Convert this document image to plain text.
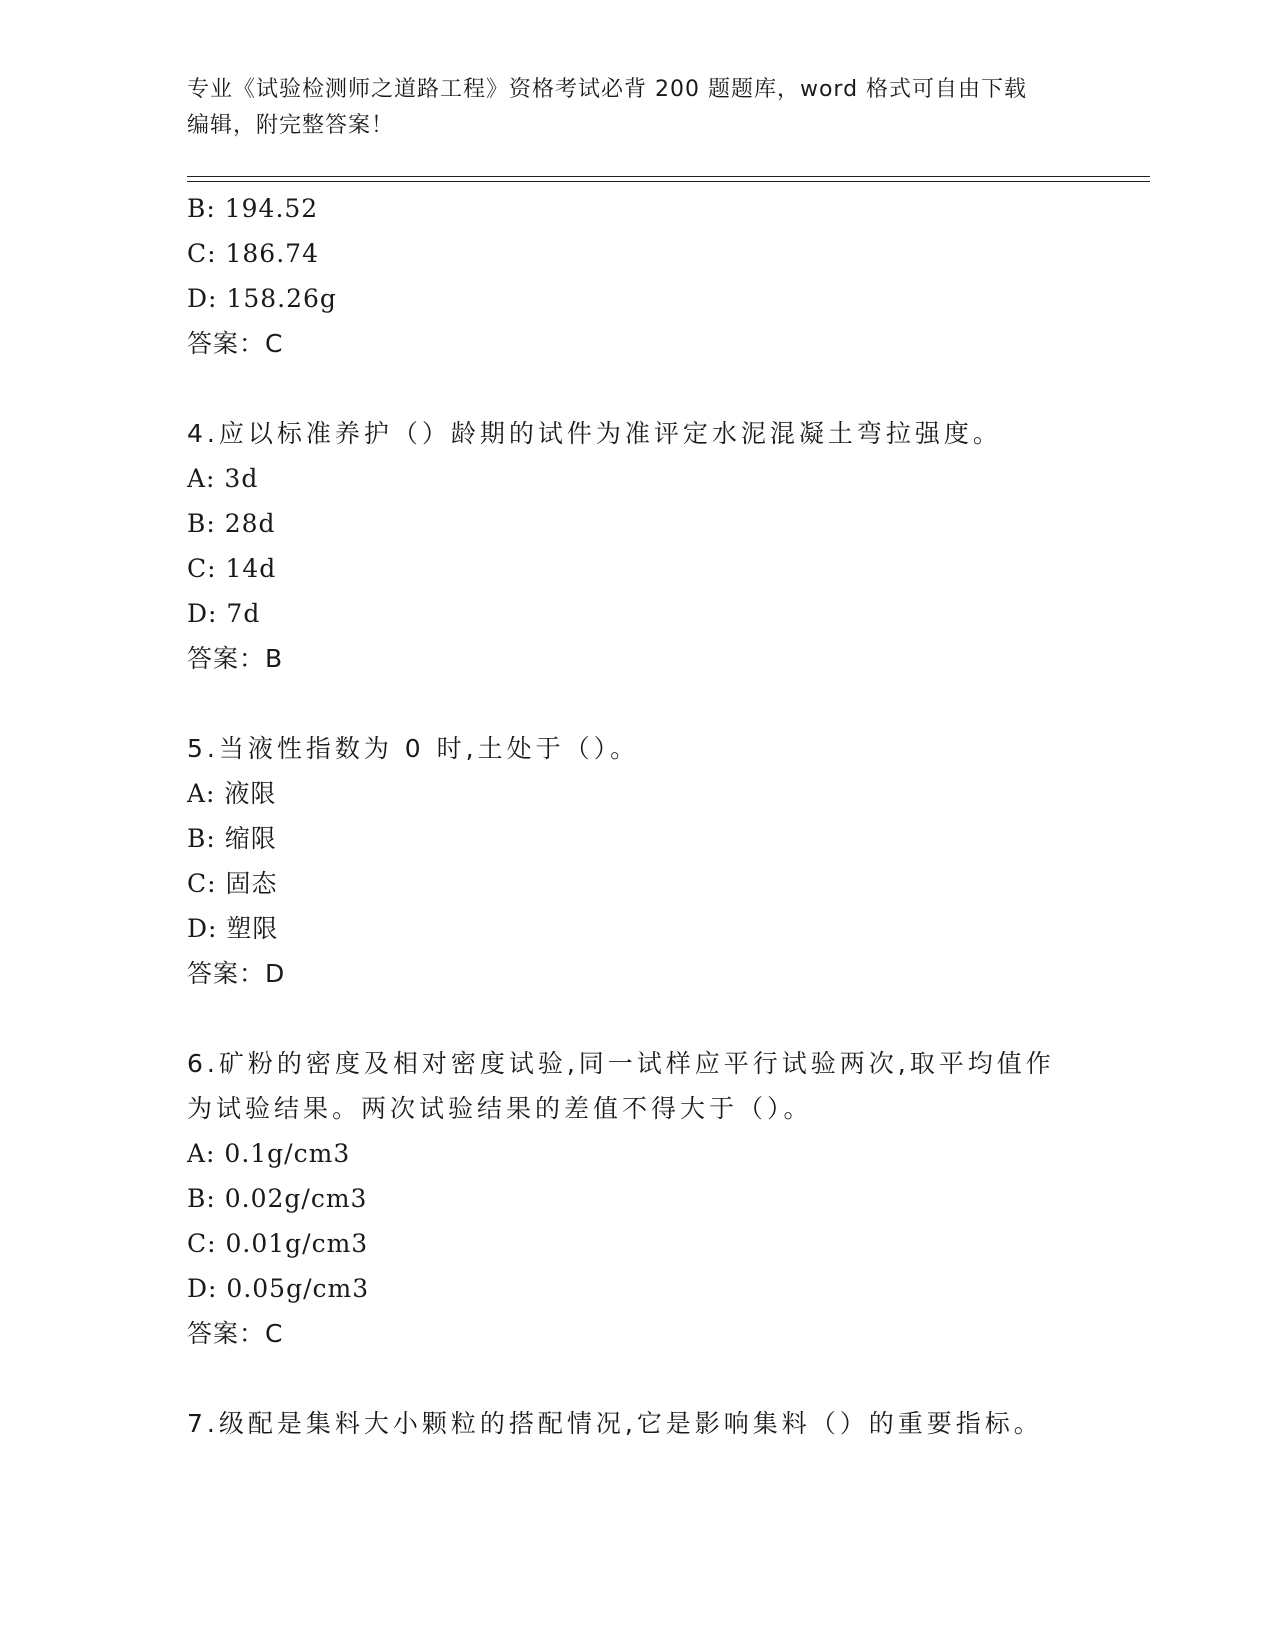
专业《试验检测师之道路工程》资格考试必背 200 题题库，word 格式可自由下载
编辑，附完整答案！
B: 194.52
C: 186.74
D: 158.26g
答案：C
4.应以标准养护（）龄期的试件为准评定水泥混凝土弯拉强度。
A: 3d
B: 28d
C: 14d
D: 7d
答案：B
5.当液性指数为 0 时,土处于（）。
A: 液限
B: 缩限
C: 固态
D: 塑限
答案：D
6.矿粉的密度及相对密度试验,同一试样应平行试验两次,取平均值作
为试验结果。两次试验结果的差值不得大于（）。
A: 0.1g/cm3
B: 0.02g/cm3
C: 0.01g/cm3
D: 0.05g/cm3
答案：C
7.级配是集料大小颗粒的搭配情况,它是影响集料（）的重要指标。
